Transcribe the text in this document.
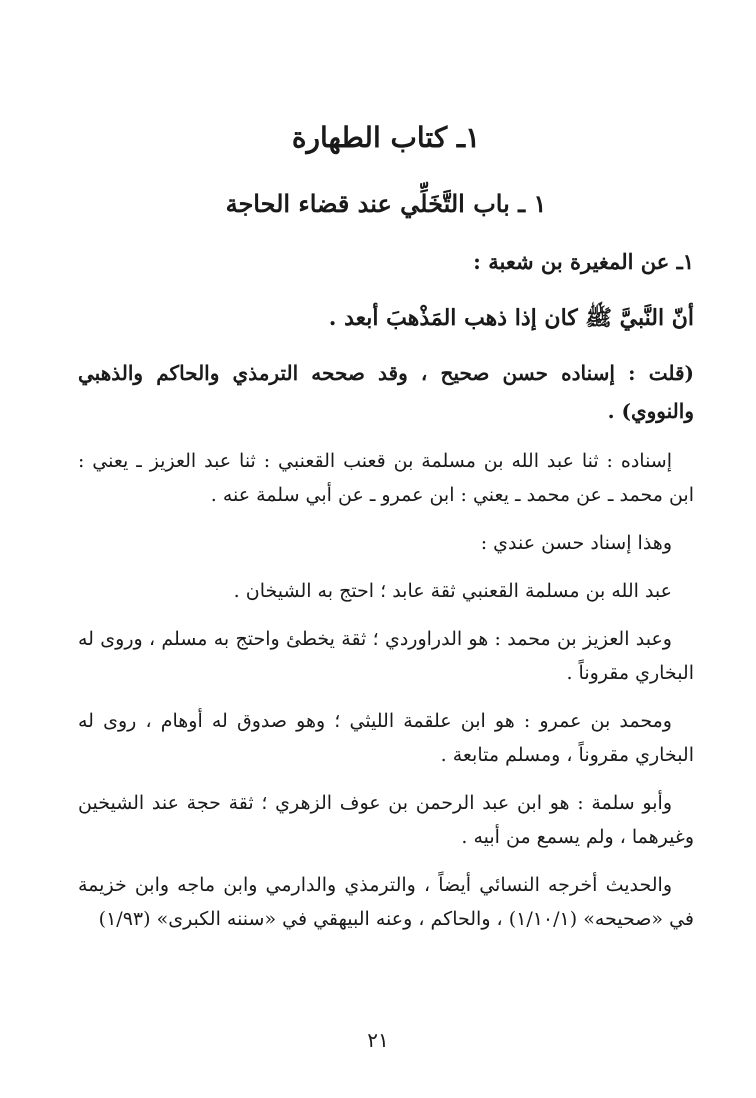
١ـ كتاب الطهارة
١ ـ باب التَّخَلِّي عند قضاء الحاجة
١ـ عن المغيرة بن شعبة :
أنّ النَّبيَّ ﷺ كان إذا ذهب المَذْهبَ أبعد .
(قلت : إسناده حسن صحيح ، وقد صححه الترمذي والحاكم والذهبي والنووي) .
إسناده : ثنا عبد الله بن مسلمة بن قعنب القعنبي : ثنا عبد العزيز ـ يعني : ابن محمد ـ عن محمد ـ يعني : ابن عمرو ـ عن أبي سلمة عنه .
وهذا إسناد حسن عندي :
عبد الله بن مسلمة القعنبي ثقة عابد ؛ احتج به الشيخان .
وعبد العزيز بن محمد : هو الدراوردي ؛ ثقة يخطئ واحتج به مسلم ، وروى له البخاري مقروناً .
ومحمد بن عمرو : هو ابن علقمة الليثي ؛ وهو صدوق له أوهام ، روى له البخاري مقروناً ، ومسلم متابعة .
وأبو سلمة : هو ابن عبد الرحمن بن عوف الزهري ؛ ثقة حجة عند الشيخين وغيرهما ، ولم يسمع من أبيه .
والحديث أخرجه النسائي أيضاً ، والترمذي والدارمي وابن ماجه وابن خزيمة في «صحيحه» (١/١٠/١) ، والحاكم ، وعنه البيهقي في «سننه الكبرى» (١/٩٣)
٢١
